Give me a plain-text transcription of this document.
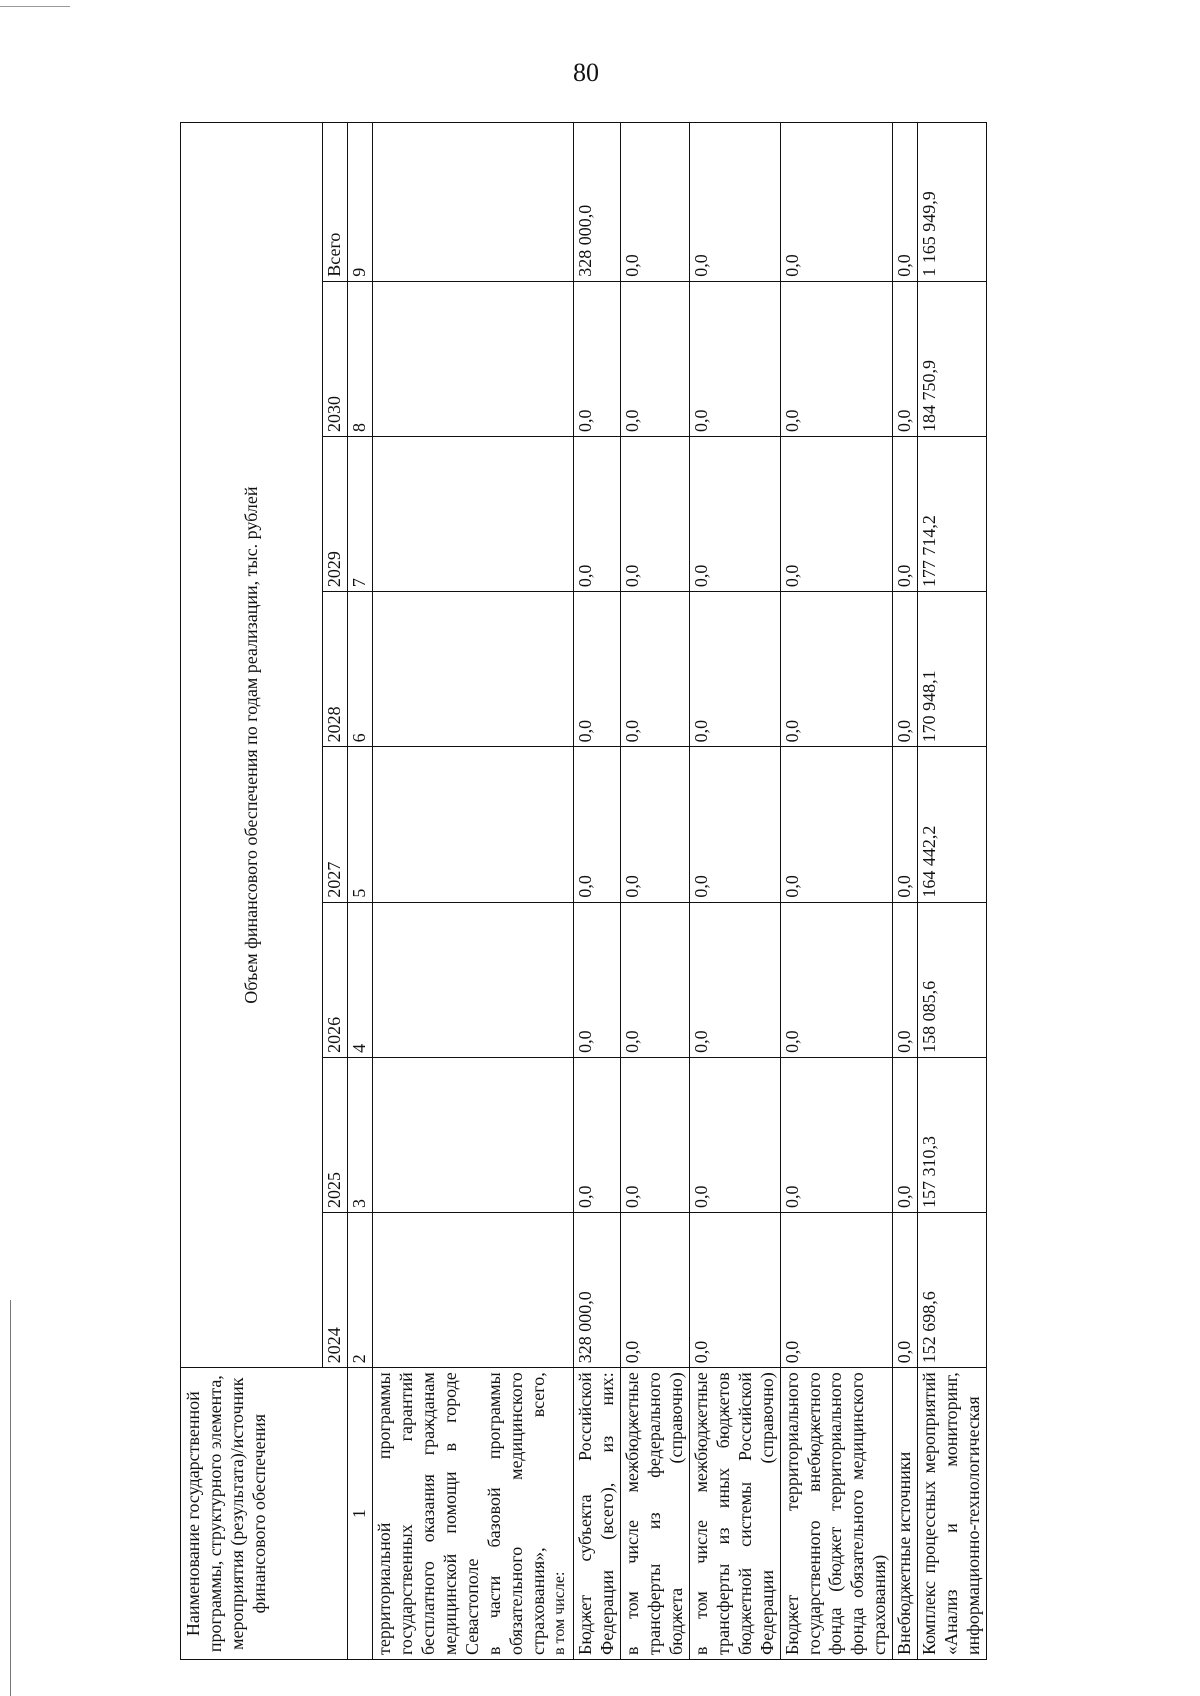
80
Наименование государственной программы, структурного элемента, мероприятия (результата)/источник финансового обеспечения	Объем финансового обеспечения по годам реализации, тыс. рублей							
	2024	2025	2026	2027	2028	2029	2030	Всего
1	2	3	4	5	6	7	8	9

территориальной программы государственных гарантий бесплатного оказания гражданам медицинской помощи в городе Севастополе в части базовой программы обязательного медицинского страхования», всего, в том числе:								

Бюджет субъекта Российской Федерации (всего), из них:	328 000,0	0,0	0,0	0,0	0,0	0,0	0,0	328 000,0
в том числе межбюджетные трансферты из федерального бюджета (справочно)	0,0	0,0	0,0	0,0	0,0	0,0	0,0	0,0
в том числе межбюджетные трансферты из иных бюджетов бюджетной системы Российской Федерации (справочно)	0,0	0,0	0,0	0,0	0,0	0,0	0,0	0,0
Бюджет территориального государственного внебюджетного фонда (бюджет территориального фонда обязательного медицинского страхования)	0,0	0,0	0,0	0,0	0,0	0,0	0,0	0,0
Внебюджетные источники	0,0	0,0	0,0	0,0	0,0	0,0	0,0	0,0
Комплекс процессных мероприятий «Анализ и мониторинг, информационно-технологическая	152 698,6	157 310,3	158 085,6	164 442,2	170 948,1	177 714,2	184 750,9	1 165 949,9
